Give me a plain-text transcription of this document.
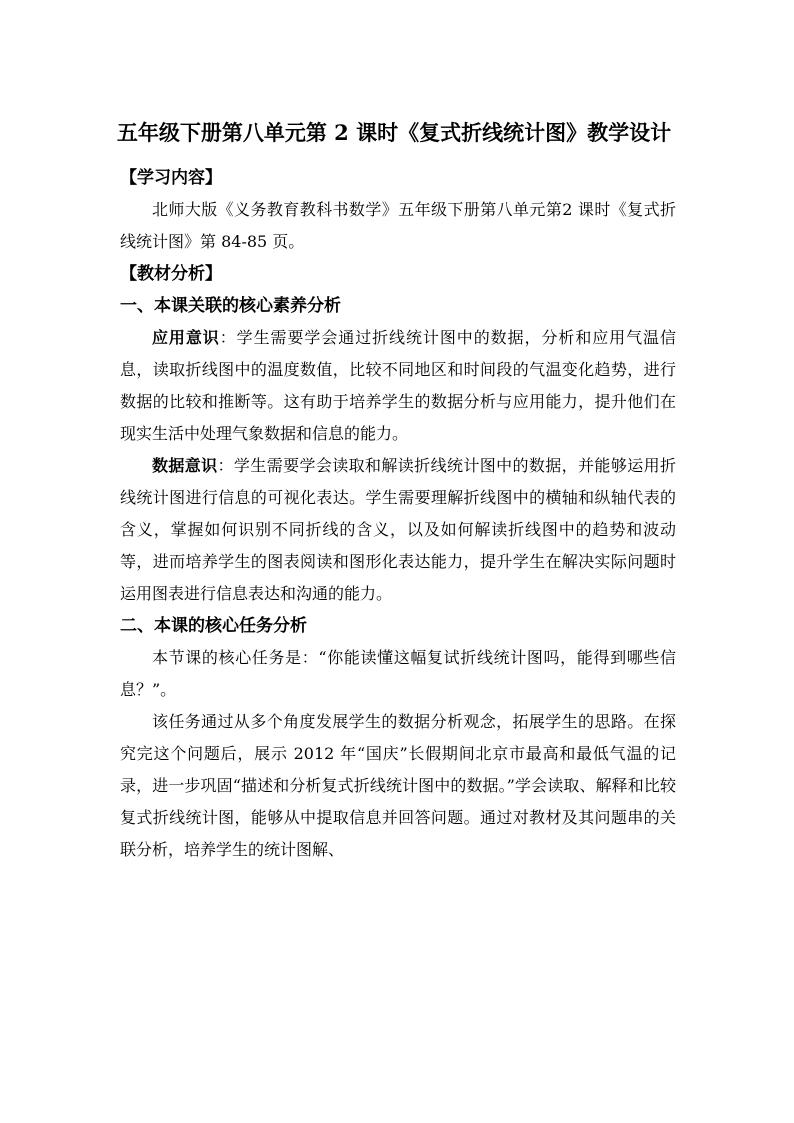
五年级下册第八单元第 2 课时《复式折线统计图》教学设计

【学习内容】

北师大版《义务教育教科书数学》五年级下册第八单元第2 课时《复式折线统计图》第 84-85 页。

【教材分析】

一、本课关联的核心素养分析

应用意识：学生需要学会通过折线统计图中的数据，分析和应用气温信息，读取折线图中的温度数值，比较不同地区和时间段的气温变化趋势，进行数据的比较和推断等。这有助于培养学生的数据分析与应用能力，提升他们在现实生活中处理气象数据和信息的能力。

数据意识：学生需要学会读取和解读折线统计图中的数据，并能够运用折线统计图进行信息的可视化表达。学生需要理解折线图中的横轴和纵轴代表的含义，掌握如何识别不同折线的含义，以及如何解读折线图中的趋势和波动等，进而培养学生的图表阅读和图形化表达能力，提升学生在解决实际问题时运用图表进行信息表达和沟通的能力。

二、本课的核心任务分析

本节课的核心任务是：“你能读懂这幅复试折线统计图吗，能得到哪些信息？”。

该任务通过从多个角度发展学生的数据分析观念，拓展学生的思路。在探究完这个问题后，展示 2012 年“国庆”长假期间北京市最高和最低气温的记录，进一步巩固“描述和分析复式折线统计图中的数据。”学会读取、解释和比较复式折线统计图，能够从中提取信息并回答问题。通过对教材及其问题串的关联分析，培养学生的统计图解、
